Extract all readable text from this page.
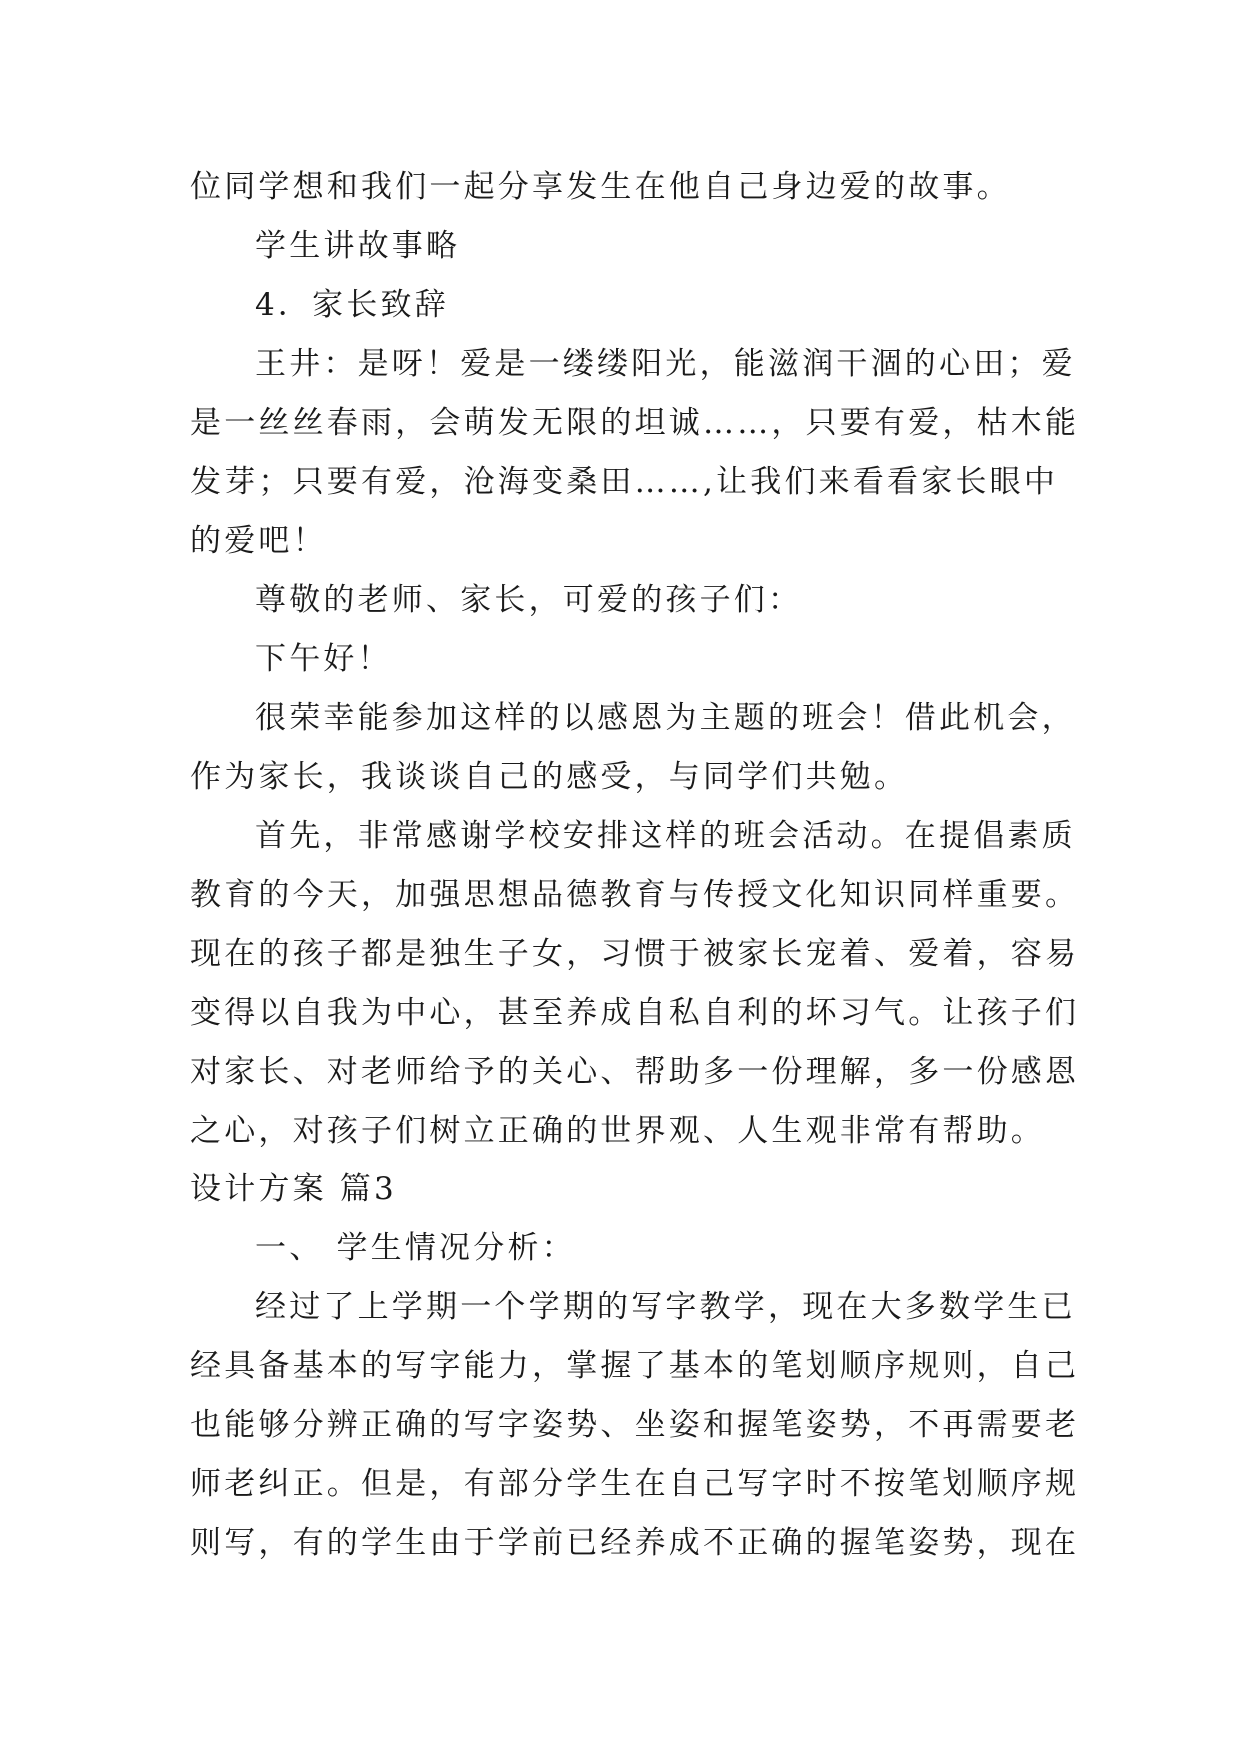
位同学想和我们一起分享发生在他自己身边爱的故事。
学生讲故事略
4．家长致辞
王井：是呀！爱是一缕缕阳光，能滋润干涸的心田；爱
是一丝丝春雨，会萌发无限的坦诚……，只要有爱，枯木能
发芽；只要有爱，沧海变桑田……,让我们来看看家长眼中
的爱吧！
尊敬的老师、家长，可爱的孩子们：
下午好！
很荣幸能参加这样的以感恩为主题的班会！借此机会，
作为家长，我谈谈自己的感受，与同学们共勉。
首先，非常感谢学校安排这样的班会活动。在提倡素质
教育的今天，加强思想品德教育与传授文化知识同样重要。
现在的孩子都是独生子女，习惯于被家长宠着、爱着，容易
变得以自我为中心，甚至养成自私自利的坏习气。让孩子们
对家长、对老师给予的关心、帮助多一份理解，多一份感恩
之心，对孩子们树立正确的世界观、人生观非常有帮助。
设计方案 篇3
一、 学生情况分析：
经过了上学期一个学期的写字教学，现在大多数学生已
经具备基本的写字能力，掌握了基本的笔划顺序规则，自己
也能够分辨正确的写字姿势、坐姿和握笔姿势，不再需要老
师老纠正。但是，有部分学生在自己写字时不按笔划顺序规
则写，有的学生由于学前已经养成不正确的握笔姿势，现在
